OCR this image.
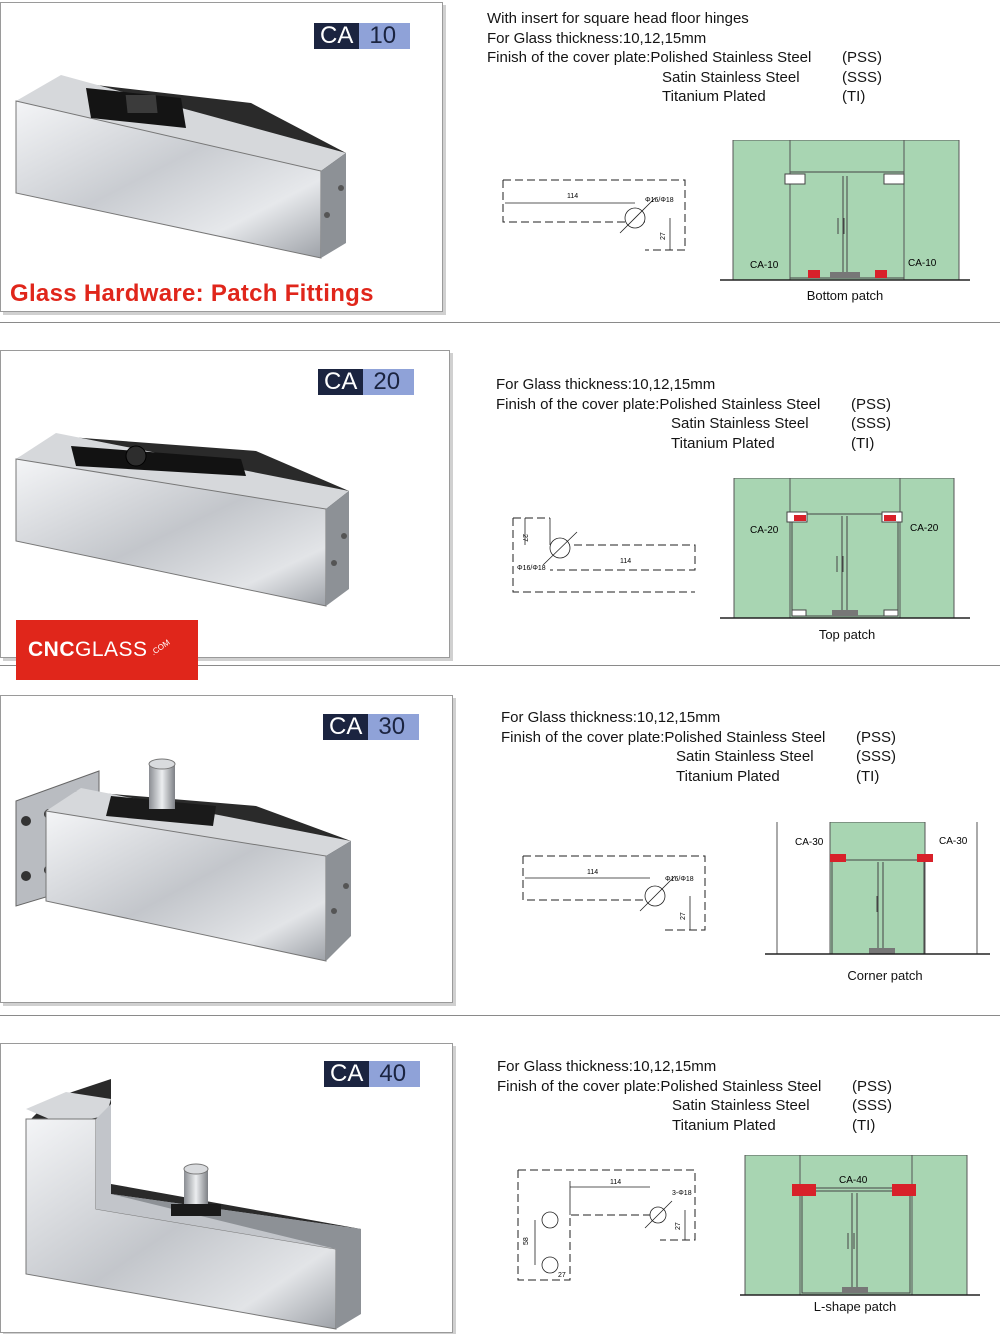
CA 10
Glass Hardware: Patch Fittings
With insert for square head floor hinges
For Glass thickness:10,12,15mm
Finish of the cover plate:Polished Stainless Steel (PSS)
Satin Stainless Steel	(SSS)
Titanium Plated	(TI)
114
Φ16/Φ18
27
CA-10	CA-10
Bottom patch
CA 20
CNC GLASS .COM
For Glass thickness:10,12,15mm
Finish of the cover plate:Polished Stainless Steel (PSS)
Satin Stainless Steel	(SSS)
Titanium Plated	(TI)
114
Φ16/Φ18
27
CA-20	CA-20
Top patch
CA 30	For Glass thickness:10,12,15mm
Finish of the cover plate:Polished Stainless Steel (PSS)
Satin Stainless Steel	(SSS)
Titanium Plated	(TI)
114
Φ16/Φ18
27
CA-30	CA-30
Corner patch
CA 40	For Glass thickness:10,12,15mm
Finish of the cover plate:Polished Stainless Steel (PSS)
Satin Stainless Steel	(SSS)
Titanium Plated	(TI)
114
3-Φ18
27
58
27
CA-40
L-shape patch
